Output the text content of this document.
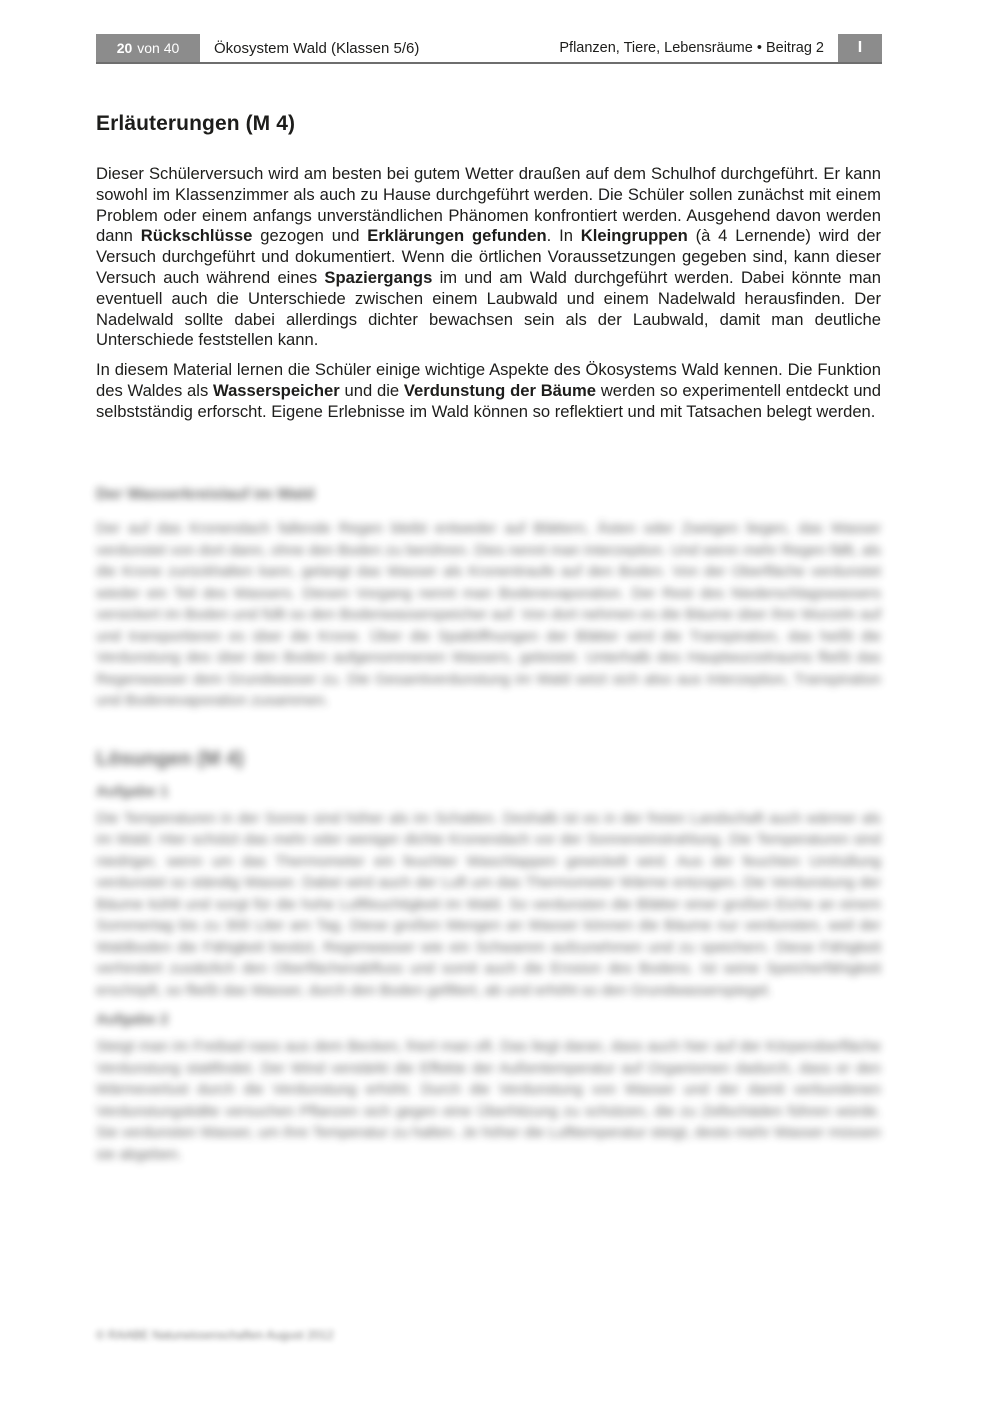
20 von 40	Ökosystem Wald (Klassen 5/6)	Pflanzen, Tiere, Lebensräume • Beitrag 2	I
Erläuterungen (M 4)

Dieser Schülerversuch wird am besten bei gutem Wetter draußen auf dem Schulhof durchgeführt. Er kann sowohl im Klassenzimmer als auch zu Hause durchgeführt werden. Die Schüler sollen zunächst mit einem Problem oder einem anfangs unverständlichen Phänomen konfrontiert werden. Ausgehend davon werden dann Rückschlüsse gezogen und Erklärungen gefunden. In Kleingruppen (à 4 Lernende) wird der Versuch durchgeführt und dokumentiert. Wenn die örtlichen Voraussetzungen gegeben sind, kann dieser Versuch auch während eines Spaziergangs im und am Wald durchgeführt werden. Dabei könnte man eventuell auch die Unterschiede zwischen einem Laubwald und einem Nadelwald herausfinden. Der Nadelwald sollte dabei allerdings dichter bewachsen sein als der Laubwald, damit man deutliche Unterschiede feststellen kann.

In diesem Material lernen die Schüler einige wichtige Aspekte des Ökosystems Wald kennen. Die Funktion des Waldes als Wasserspeicher und die Verdunstung der Bäume werden so experimentell entdeckt und selbstständig erforscht. Eigene Erlebnisse im Wald können so reflektiert und mit Tatsachen belegt werden.

Der Wasserkreislauf im Wald

Der auf das Kronendach fallende Regen bleibt entweder auf Blättern, Ästen oder Zweigen liegen, das Wasser verdunstet von dort dann, ohne den Boden zu berühren. Dies nennt man Interzeption. Und wenn mehr Regen fällt, als die Krone zurückhalten kann, gelangt das Wasser als Kronentraufe auf den Boden. Von der Oberfläche verdunstet wieder ein Teil des Wassers. Diesen Vorgang nennt man Bodenevaporation. Der Rest des Niederschlagswassers versickert im Boden und füllt so den Bodenwasserspeicher auf. Von dort nehmen es die Bäume über ihre Wurzeln auf und transportieren es über die Krone. Über die Spaltöffnungen der Blätter wird die Transpiration, das heißt die Verdunstung des über den Boden aufgenommenen Wassers, geleistet. Unterhalb des Hauptwurzelraums fließt das Regenwasser dem Grundwasser zu. Die Gesamtverdunstung im Wald setzt sich also aus Interzeption, Transpiration und Bodenevaporation zusammen.

Lösungen (M 4)
Aufgabe 1

Die Temperaturen in der Sonne sind höher als im Schatten. Deshalb ist es in der freien Landschaft auch wärmer als im Wald. Hier schützt das mehr oder weniger dichte Kronendach vor der Sonneneinstrahlung. Die Temperaturen sind niedriger, wenn um das Thermometer ein feuchter Waschlappen gewickelt wird. Aus der feuchten Umhüllung verdunstet so ständig Wasser. Dabei wird auch der Luft um das Thermometer Wärme entzogen. Die Verdunstung der Bäume kühlt und sorgt für die hohe Luftfeuchtigkeit im Wald. So verdunsten die Blätter einer großen Eiche an einem Sommertag bis zu 300 Liter am Tag. Diese großen Mengen an Wasser können die Bäume nur verdunsten, weil der Waldboden die Fähigkeit besitzt, Regenwasser wie ein Schwamm aufzunehmen und zu speichern. Diese Fähigkeit verhindert zusätzlich den Oberflächenabfluss und somit auch die Erosion des Bodens. Ist seine Speicherfähigkeit erschöpft, so fließt das Wasser, durch den Boden gefiltert, ab und erhöht so den Grundwasserspiegel.

Aufgabe 2

Steigt man im Freibad nass aus dem Becken, friert man oft. Das liegt daran, dass auch hier auf der Körperoberfläche Verdunstung stattfindet. Der Wind verstärkt die Effekte der Außentemperatur auf Organismen dadurch, dass er den Wärmeverlust durch die Verdunstung erhöht. Durch die Verdunstung von Wasser und der damit verbundenen Verdunstungskälte versuchen Pflanzen sich gegen eine Überhitzung zu schützen, die zu Zellschäden führen würde. Sie verdunsten Wasser, um ihre Temperatur zu halten. Je höher die Lufttemperatur steigt, desto mehr Wasser müssen sie abgeben.

© RAABE Naturwissenschaften August 2012
